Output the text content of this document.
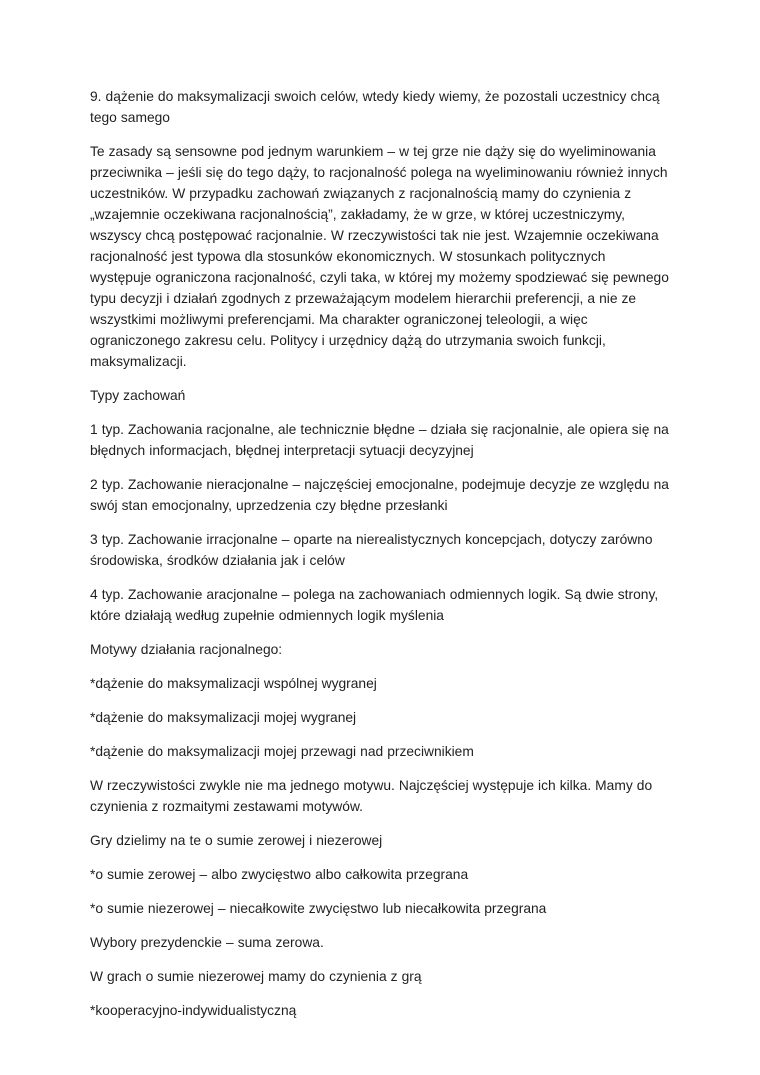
9. dążenie do maksymalizacji swoich celów, wtedy kiedy wiemy, że pozostali uczestnicy chcą tego samego

Te zasady są sensowne pod jednym warunkiem – w tej grze nie dąży się do wyeliminowania przeciwnika – jeśli się do tego dąży, to racjonalność polega na wyeliminowaniu również innych uczestników. W przypadku zachowań związanych z racjonalnością mamy do czynienia z „wzajemnie oczekiwana racjonalnością”, zakładamy, że w grze, w której uczestniczymy, wszyscy chcą postępować racjonalnie. W rzeczywistości tak nie jest. Wzajemnie oczekiwana racjonalność jest typowa dla stosunków ekonomicznych. W stosunkach politycznych występuje ograniczona racjonalność, czyli taka, w której my możemy spodziewać się pewnego typu decyzji i działań zgodnych z przeważającym modelem hierarchii preferencji, a nie ze wszystkimi możliwymi preferencjami. Ma charakter ograniczonej teleologii, a więc ograniczonego zakresu celu. Politycy i urzędnicy dążą do utrzymania swoich funkcji, maksymalizacji.

Typy zachowań

1 typ. Zachowania racjonalne, ale technicznie błędne – działa się racjonalnie, ale opiera się na błędnych informacjach, błędnej interpretacji sytuacji decyzyjnej

2 typ. Zachowanie nieracjonalne – najczęściej emocjonalne, podejmuje decyzje ze względu na swój stan emocjonalny, uprzedzenia czy błędne przesłanki

3 typ. Zachowanie irracjonalne – oparte na nierealistycznych koncepcjach, dotyczy zarówno środowiska, środków działania jak i celów

4 typ. Zachowanie aracjonalne – polega na zachowaniach odmiennych logik. Są dwie strony, które działają według zupełnie odmiennych logik myślenia

Motywy działania racjonalnego:

*dążenie do maksymalizacji wspólnej wygranej

*dążenie do maksymalizacji mojej wygranej

*dążenie do maksymalizacji mojej przewagi nad przeciwnikiem

W rzeczywistości zwykle nie ma jednego motywu. Najczęściej występuje ich kilka. Mamy do czynienia z rozmaitymi zestawami motywów.

Gry dzielimy na te o sumie zerowej i niezerowej

*o sumie zerowej – albo zwycięstwo albo całkowita przegrana

*o sumie niezerowej – niecałkowite zwycięstwo lub niecałkowita przegrana

Wybory prezydenckie – suma zerowa.

W grach o sumie niezerowej mamy do czynienia z grą

*kooperacyjno-indywidualistyczną
